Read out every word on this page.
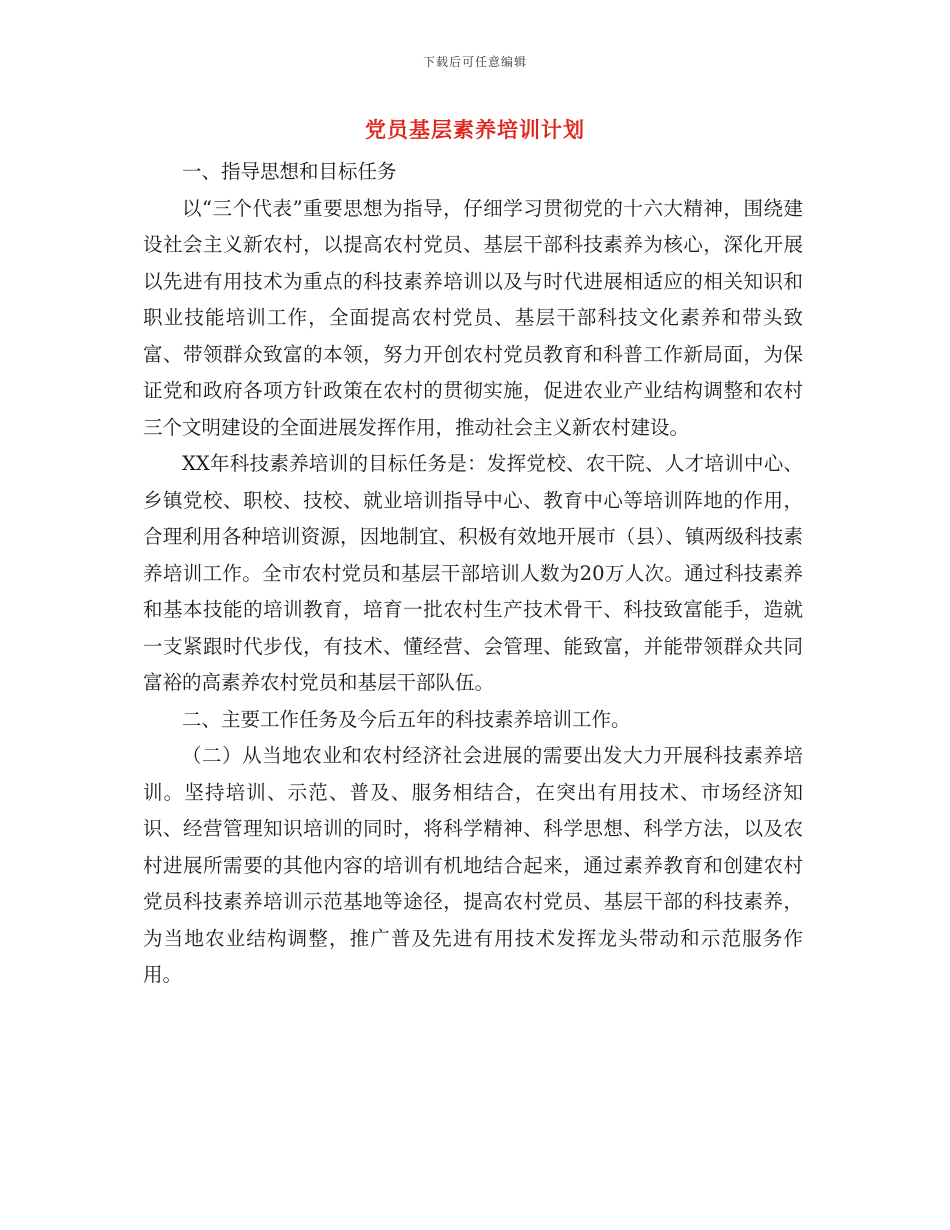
下载后可任意编辑
党员基层素养培训计划

一、指导思想和目标任务

以“三个代表”重要思想为指导，仔细学习贯彻党的十六大精神，围绕建设社会主义新农村，以提高农村党员、基层干部科技素养为核心，深化开展以先进有用技术为重点的科技素养培训以及与时代进展相适应的相关知识和职业技能培训工作，全面提高农村党员、基层干部科技文化素养和带头致富、带领群众致富的本领，努力开创农村党员教育和科普工作新局面，为保证党和政府各项方针政策在农村的贯彻实施，促进农业产业结构调整和农村三个文明建设的全面进展发挥作用，推动社会主义新农村建设。

XX年科技素养培训的目标任务是：发挥党校、农干院、人才培训中心、乡镇党校、职校、技校、就业培训指导中心、教育中心等培训阵地的作用，合理利用各种培训资源，因地制宜、积极有效地开展市（县）、镇两级科技素养培训工作。全市农村党员和基层干部培训人数为20万人次。通过科技素养和基本技能的培训教育，培育一批农村生产技术骨干、科技致富能手，造就一支紧跟时代步伐，有技术、懂经营、会管理、能致富，并能带领群众共同富裕的高素养农村党员和基层干部队伍。

二、主要工作任务及今后五年的科技素养培训工作。

（二）从当地农业和农村经济社会进展的需要出发大力开展科技素养培训。坚持培训、示范、普及、服务相结合，在突出有用技术、市场经济知识、经营管理知识培训的同时，将科学精神、科学思想、科学方法，以及农村进展所需要的其他内容的培训有机地结合起来，通过素养教育和创建农村党员科技素养培训示范基地等途径，提高农村党员、基层干部的科技素养，为当地农业结构调整，推广普及先进有用技术发挥龙头带动和示范服务作用。
